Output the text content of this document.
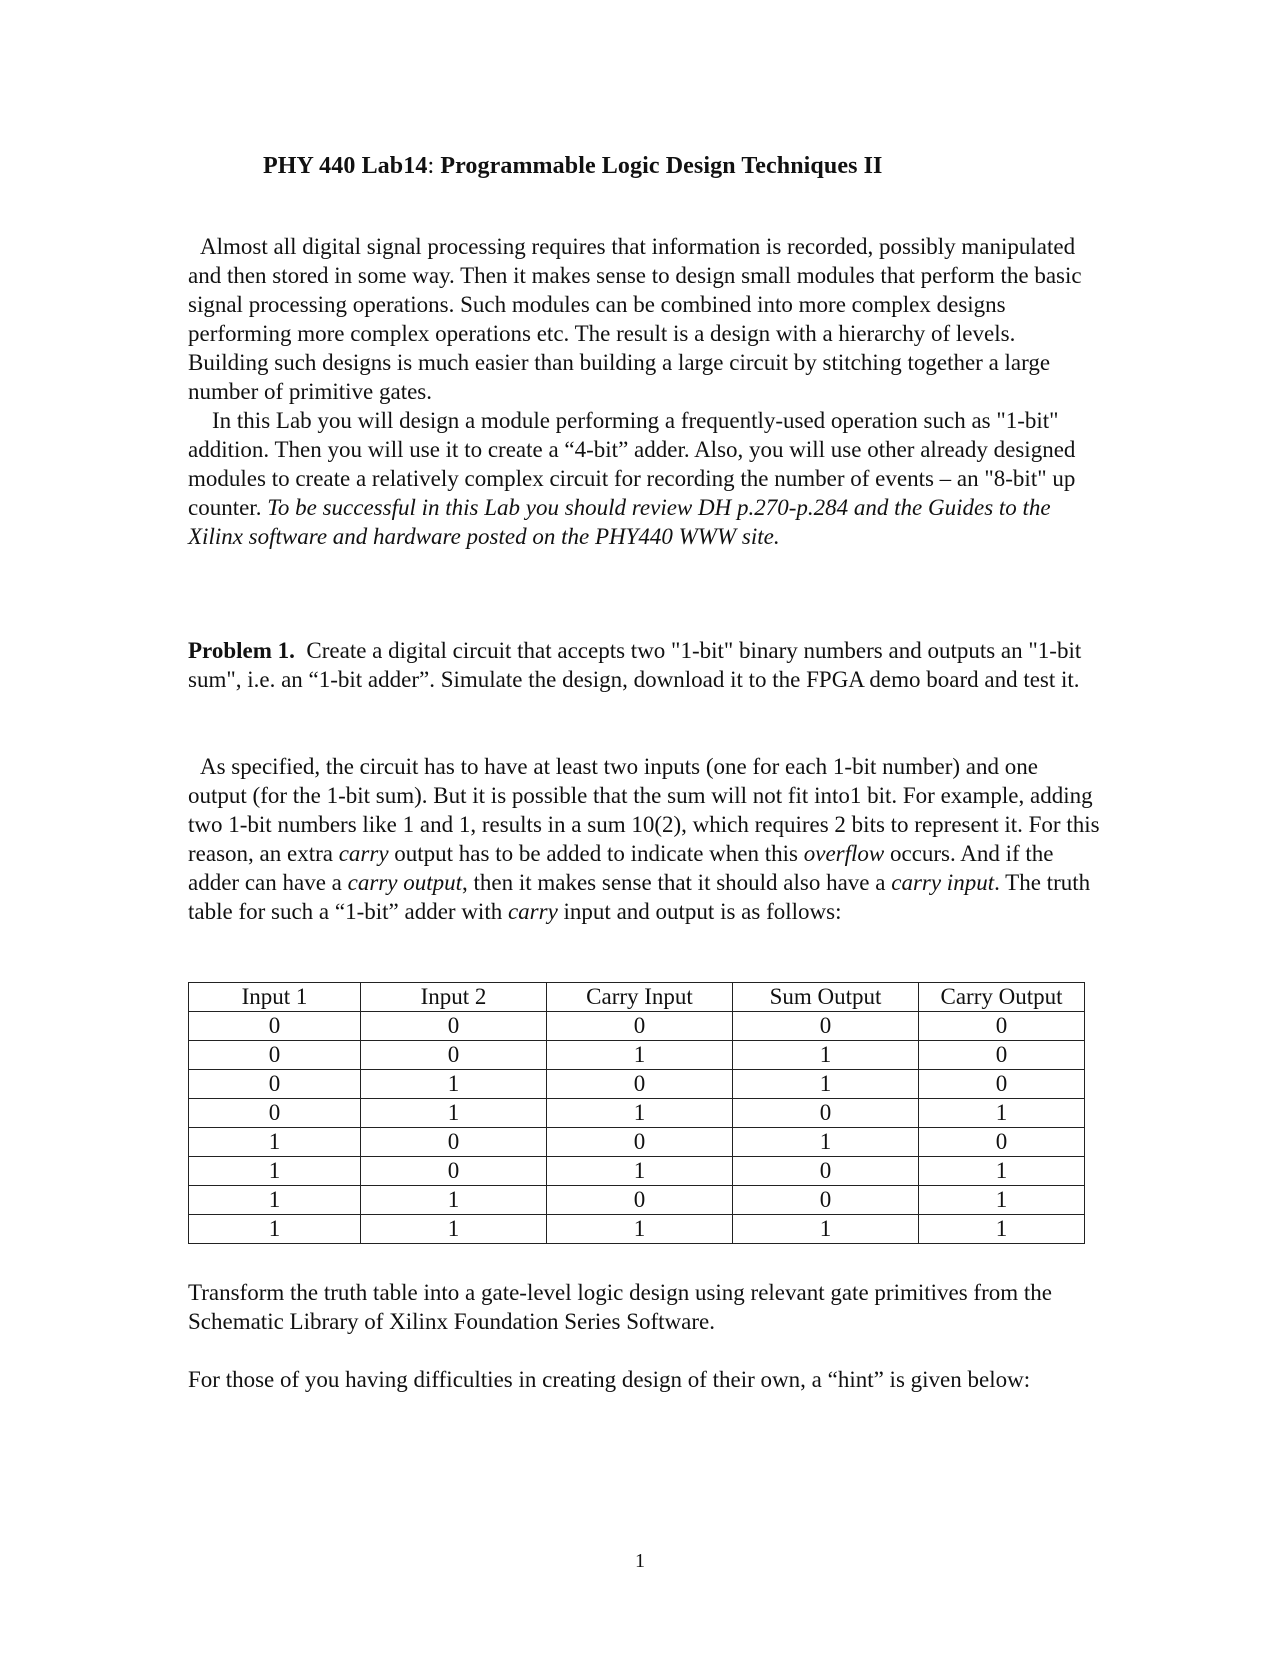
PHY 440 Lab14: Programmable Logic Design Techniques II

Almost all digital signal processing requires that information is recorded, possibly manipulated and then stored in some way. Then it makes sense to design small modules that perform the basic signal processing operations. Such modules can be combined into more complex designs performing more complex operations etc. The result is a design with a hierarchy of levels. Building such designs is much easier than building a large circuit by stitching together a large number of primitive gates.

In this Lab you will design a module performing a frequently-used operation such as "1-bit" addition. Then you will use it to create a “4-bit” adder. Also, you will use other already designed modules to create a relatively complex circuit for recording the number of events – an "8-bit" up counter. To be successful in this Lab you should review DH p.270-p.284 and the Guides to the Xilinx software and hardware posted on the PHY440 WWW site.

Problem 1. Create a digital circuit that accepts two "1-bit" binary numbers and outputs an "1-bit sum", i.e. an “1-bit adder”. Simulate the design, download it to the FPGA demo board and test it.

As specified, the circuit has to have at least two inputs (one for each 1-bit number) and one output (for the 1-bit sum). But it is possible that the sum will not fit into1 bit. For example, adding two 1-bit numbers like 1 and 1, results in a sum 10(2), which requires 2 bits to represent it. For this reason, an extra carry output has to be added to indicate when this overflow occurs. And if the adder can have a carry output, then it makes sense that it should also have a carry input. The truth table for such a “1-bit” adder with carry input and output is as follows:

Input 1	Input 2	Carry Input	Sum Output	Carry Output
0	0	0	0	0
0	0	1	1	0
0	1	0	1	0
0	1	1	0	1
1	0	0	1	0
1	0	1	0	1
1	1	0	0	1
1	1	1	1	1

Transform the truth table into a gate-level logic design using relevant gate primitives from the Schematic Library of Xilinx Foundation Series Software.

For those of you having difficulties in creating design of their own, a “hint” is given below:

1
